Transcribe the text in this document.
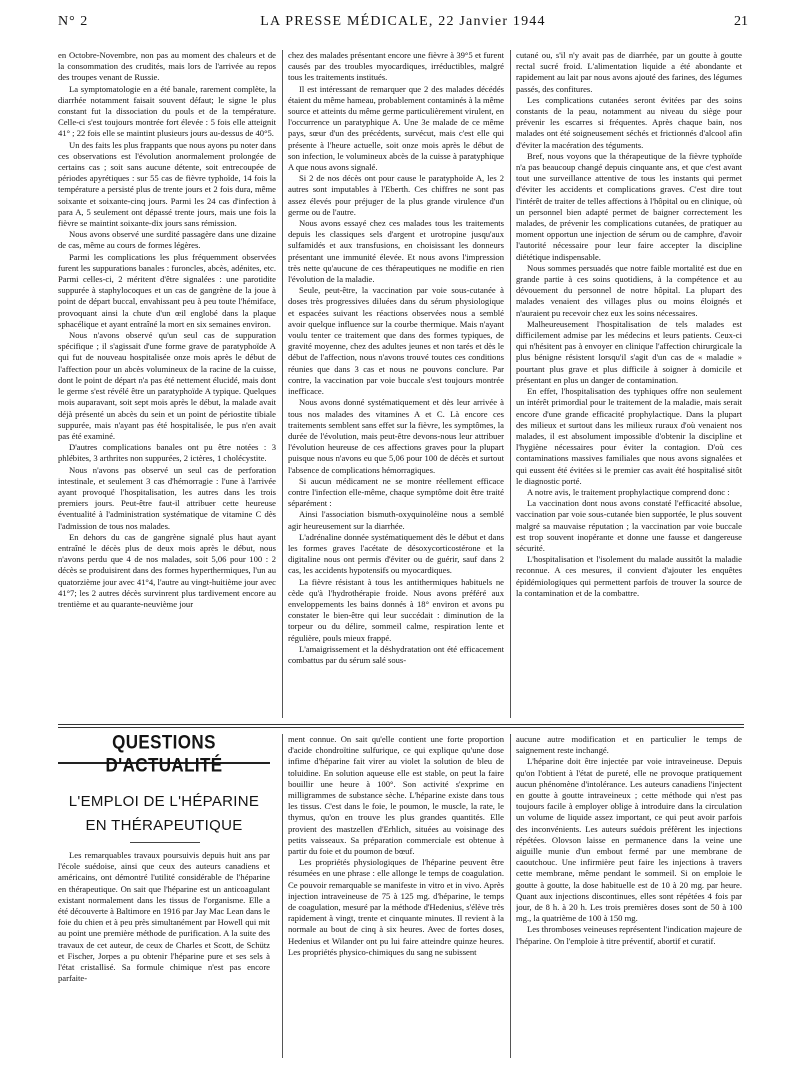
N° 2	LA PRESSE MÉDICALE, 22 Janvier 1944	21

en Octobre-Novembre, non pas au moment des chaleurs et de la consommation des crudités, mais lors de l'arrivée au repos des troupes venant de Russie.

La symptomatologie en a été banale, rarement complète, la diarrhée notamment faisait souvent défaut; le signe le plus constant fut la dissociation du pouls et de la température. Celle-ci s'est toujours montrée fort élevée : 5 fois elle atteignit 41° ; 22 fois elle se maintint plusieurs jours au-dessus de 40°5.

Un des faits les plus frappants que nous ayons pu noter dans ces observations est l'évolution anormalement prolongée de certains cas ; soit sans aucune détente, soit entrecoupée de périodes apyrétiques : sur 55 cas de fièvre typhoïde, 14 fois la température a persisté plus de trente jours et 2 fois dura, même soixante et soixante-cinq jours. Parmi les 24 cas d'infection à para A, 5 seulement ont dépassé trente jours, mais une fois la fièvre se maintint soixante-dix jours sans rémission.

Nous avons observé une surdité passagère dans une dizaine de cas, même au cours de formes légères.

Parmi les complications les plus fréquemment observées furent les suppurations banales : furoncles, abcès, adénites, etc. Parmi celles-ci, 2 méritent d'être signalées : une parotidite suppurée à staphylocoques et un cas de gangrène de la joue à point de départ buccal, envahissant peu à peu toute l'hémiface, provoquant ainsi la chute d'un œil englobé dans la plaque sphacélique et ayant entraîné la mort en six semaines environ.

Nous n'avons observé qu'un seul cas de suppuration spécifique ; il s'agissait d'une forme grave de paratyphoïde A qui fut de nouveau hospitalisée onze mois après le début de l'affection pour un abcès volumineux de la racine de la cuisse, dont le point de départ n'a pas été nettement élucidé, mais dont le germe s'est révélé être un paratyphoïde A typique. Quelques mois auparavant, soit sept mois après le début, la malade avait déjà présenté un abcès du sein et un point de périostite tibiale suppurée, mais n'ayant pas été hospitalisée, le pus n'en avait pas été examiné.

D'autres complications banales ont pu être notées : 3 phlébites, 3 arthrites non suppurées, 2 ictères, 1 cholécystite.

Nous n'avons pas observé un seul cas de perforation intestinale, et seulement 3 cas d'hémorragie : l'une à l'arrivée ayant provoqué l'hospitalisation, les autres dans les trois premiers jours. Peut-être faut-il attribuer cette heureuse éventualité à l'administration systématique de vitamine C dès l'admission de tous nos malades.

En dehors du cas de gangrène signalé plus haut ayant entraîné le décès plus de deux mois après le début, nous n'avons perdu que 4 de nos malades, soit 5,06 pour 100 : 2 décès se produisirent dans des formes hyperthermiques, l'un au quatorzième jour avec 41°4, l'autre au vingt-huitième jour avec 41°7; les 2 autres décès survinrent plus tardivement encore au trentième et au quarante-neuvième jour

chez des malades présentant encore une fièvre à 39°5 et furent causés par des troubles myocardiques, irréductibles, malgré tous les traitements institués.

Il est intéressant de remarquer que 2 des malades décédés étaient du même hameau, probablement contaminés à la même source et atteints du même germe particulièrement virulent, en l'occurrence un paratyphique A. Une 3e malade de ce même pays, sœur d'un des précédents, survécut, mais c'est elle qui présente à l'heure actuelle, soit onze mois après le début de son infection, le volumineux abcès de la cuisse à paratyphique A que nous avons signalé.

Si 2 de nos décès ont pour cause le paratyphoïde A, les 2 autres sont imputables à l'Eberth. Ces chiffres ne sont pas assez élevés pour préjuger de la plus grande virulence d'un germe ou de l'autre.

Nous avons essayé chez ces malades tous les traitements depuis les classiques sels d'argent et urotropine jusqu'aux sulfamidés et aux transfusions, en choisissant les donneurs présentant une immunité élevée. Et nous avons l'impression très nette qu'aucune de ces thérapeutiques ne modifie en rien l'évolution de la maladie.

Seule, peut-être, la vaccination par voie sous-cutanée à doses très progressives diluées dans du sérum physiologique et espacées suivant les réactions observées nous a semblé avoir quelque influence sur la courbe thermique. Mais n'ayant voulu tenter ce traitement que dans des formes typiques, de gravité moyenne, chez des adultes jeunes et non tarés et dès le début de l'affection, nous n'avons trouvé toutes ces conditions réunies que dans 3 cas et nous ne pouvons conclure. Par contre, la vaccination par voie buccale s'est toujours montrée inefficace.

Nous avons donné systématiquement et dès leur arrivée à tous nos malades des vitamines A et C. Là encore ces traitements semblent sans effet sur la fièvre, les symptômes, la durée de l'évolution, mais peut-être devons-nous leur attribuer l'évolution heureuse de ces affections graves pour la plupart puisque nous n'avons eu que 5,06 pour 100 de décès et surtout l'absence de complications hémorragiques.

Si aucun médicament ne se montre réellement efficace contre l'infection elle-même, chaque symptôme doit être traité séparément :

Ainsi l'association bismuth-oxyquinoléine nous a semblé agir heureusement sur la diarrhée.

L'adrénaline donnée systématiquement dès le début et dans les formes graves l'acétate de désoxycorticostérone et la digitaline nous ont permis d'éviter ou de guérir, sauf dans 2 cas, les accidents hypotensifs ou myocardiques.

La fièvre résistant à tous les antithermiques habituels ne cède qu'à l'hydrothérapie froide. Nous avons préféré aux enveloppements les bains donnés à 18° environ et avons pu constater le bien-être qui leur succédait : diminution de la torpeur ou du délire, sommeil calme, respiration lente et régulière, pouls mieux frappé.

L'amaigrissement et la déshydratation ont été efficacement combattus par du sérum salé sous-

cutané ou, s'il n'y avait pas de diarrhée, par un goutte à goutte rectal sucré froid. L'alimentation liquide a été abondante et rapidement au lait par nous avons ajouté des farines, des légumes passés, des confitures.

Les complications cutanées seront évitées par des soins constants de la peau, notamment au niveau du siège pour prévenir les escarres si fréquentes. Après chaque bain, nos malades ont été soigneusement séchés et frictionnés d'alcool afin d'éviter la macération des téguments.

Bref, nous voyons que la thérapeutique de la fièvre typhoïde n'a pas beaucoup changé depuis cinquante ans, et que c'est avant tout une surveillance attentive de tous les instants qui permet d'éviter les accidents et complications graves. C'est dire tout l'intérêt de traiter de telles affections à l'hôpital ou en clinique, où un personnel bien adapté permet de baigner correctement les malades, de prévenir les complications cutanées, de pratiquer au moment opportun une injection de sérum ou de camphre, d'avoir l'autorité nécessaire pour leur faire accepter la discipline diététique indispensable.

Nous sommes persuadés que notre faible mortalité est due en grande partie à ces soins quotidiens, à la compétence et au dévouement du personnel de notre hôpital. La plupart des malades venaient des villages plus ou moins éloignés et n'auraient pu recevoir chez eux les soins nécessaires.

Malheureusement l'hospitalisation de tels malades est difficilement admise par les médecins et leurs patients. Ceux-ci qui n'hésitent pas à envoyer en clinique l'affection chirurgicale la plus bénigne résistent lorsqu'il s'agit d'un cas de « maladie » pourtant plus grave et plus difficile à soigner à domicile et présentant en plus un danger de contamination.

En effet, l'hospitalisation des typhiques offre non seulement un intérêt primordial pour le traitement de la maladie, mais serait encore d'une grande efficacité prophylactique. Dans la plupart des milieux et surtout dans les milieux ruraux d'où venaient nos malades, il est absolument impossible d'obtenir la discipline et l'hygiène nécessaires pour éviter la contagion. D'où ces contaminations massives familiales que nous avons signalées et qui eussent été évitées si le premier cas avait été hospitalisé sitôt le diagnostic porté.

A notre avis, le traitement prophylactique comprend donc :

La vaccination dont nous avons constaté l'efficacité absolue, vaccination par voie sous-cutanée bien supportée, le plus souvent malgré sa mauvaise réputation ; la vaccination par voie buccale est trop souvent inopérante et donne une fausse et dangereuse sécurité.

L'hospitalisation et l'isolement du malade aussitôt la maladie reconnue. A ces mesures, il convient d'ajouter les enquêtes épidémiologiques qui permettent parfois de trouver la source de la contamination et de la combattre.

QUESTIONS D'ACTUALITÉ
L'EMPLOI DE L'HÉPARINE
EN THÉRAPEUTIQUE

Les remarquables travaux poursuivis depuis huit ans par l'école suédoise, ainsi que ceux des auteurs canadiens et américains, ont démontré l'utilité considérable de l'héparine en thérapeutique. On sait que l'héparine est un anticoagulant existant normalement dans les tissus de l'organisme. Elle a été découverte à Baltimore en 1916 par Jay Mac Lean dans le foie du chien et à peu près simultanément par Howell qui mit au point une première méthode de purification. A la suite des travaux de cet auteur, de ceux de Charles et Scott, de Schütz et Fischer, Jorpes a pu obtenir l'héparine pure et ses sels à l'état cristallisé. Sa formule chimique n'est pas encore parfaite-

ment connue. On sait qu'elle contient une forte proportion d'acide chondroïtine sulfurique, ce qui explique qu'une dose infime d'héparine fait virer au violet la solution de bleu de toluidine. En solution aqueuse elle est stable, on peut la faire bouillir une heure à 100°. Son activité s'exprime en milligrammes de substance sèche. L'héparine existe dans tous les tissus. C'est dans le foie, le poumon, le muscle, la rate, le thymus, qu'on en trouve les plus grandes quantités. Elle provient des mastzellen d'Erhlich, situées au voisinage des petits vaisseaux. Sa préparation commerciale est obtenue à partir du foie et du poumon de bœuf.

Les propriétés physiologiques de l'héparine peuvent être résumées en une phrase : elle allonge le temps de coagulation. Ce pouvoir remarquable se manifeste in vitro et in vivo. Après injection intraveineuse de 75 à 125 mg. d'héparine, le temps de coagulation, mesuré par la méthode d'Hedenius, s'élève très rapidement à vingt, trente et cinquante minutes. Il revient à la normale au bout de cinq à six heures. Avec de fortes doses, Hedenius et Wilander ont pu lui faire atteindre quinze heures. Les propriétés physico-chimiques du sang ne subissent

aucune autre modification et en particulier le temps de saignement reste inchangé.

L'héparine doit être injectée par voie intraveineuse. Depuis qu'on l'obtient à l'état de pureté, elle ne provoque pratiquement aucun phénomène d'intolérance. Les auteurs canadiens l'injectent en goutte à goutte intraveineux ; cette méthode qui n'est pas toujours facile à employer oblige à introduire dans la circulation un volume de liquide assez important, ce qui peut avoir parfois des inconvénients. Les auteurs suédois préfèrent les injections répétées. Olovson laisse en permanence dans la veine une aiguille munie d'un embout fermé par une membrane de caoutchouc. Une infirmière peut faire les injections à travers cette membrane, même pendant le sommeil. Si on emploie le goutte à goutte, la dose habituelle est de 10 à 20 mg. par heure. Quant aux injections discontinues, elles sont répétées 4 fois par jour, de 8 h. à 20 h. Les trois premières doses sont de 50 à 100 mg., la quatrième de 100 à 150 mg.

Les thromboses veineuses représentent l'indication majeure de l'héparine. On l'emploie à titre préventif, abortif et curatif.
